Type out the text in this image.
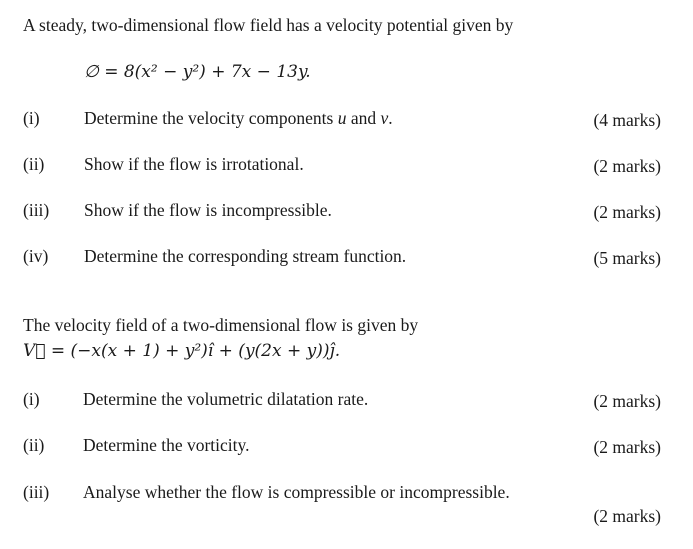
A steady, two-dimensional flow field has a velocity potential given by
∅ = 8(x² − y²) + 7x − 13y.
(i)	Determine the velocity components u and v.	(4 marks)
(ii) Show if the flow is irrotational.	(2 marks)
(iii) Show if the flow is incompressible.	(2 marks)
(iv) Determine the corresponding stream function.	(5 marks)
The velocity field of a two-dimensional flow is given by
V⃗ = (−x(x + 1) + y²)î + (y(2x + y))ĵ.
(i) Determine the volumetric dilatation rate.	(2 marks)
(ii) Determine the vorticity.	(2 marks)
(iii) Analyse whether the flow is compressible or incompressible.
(2 marks)
